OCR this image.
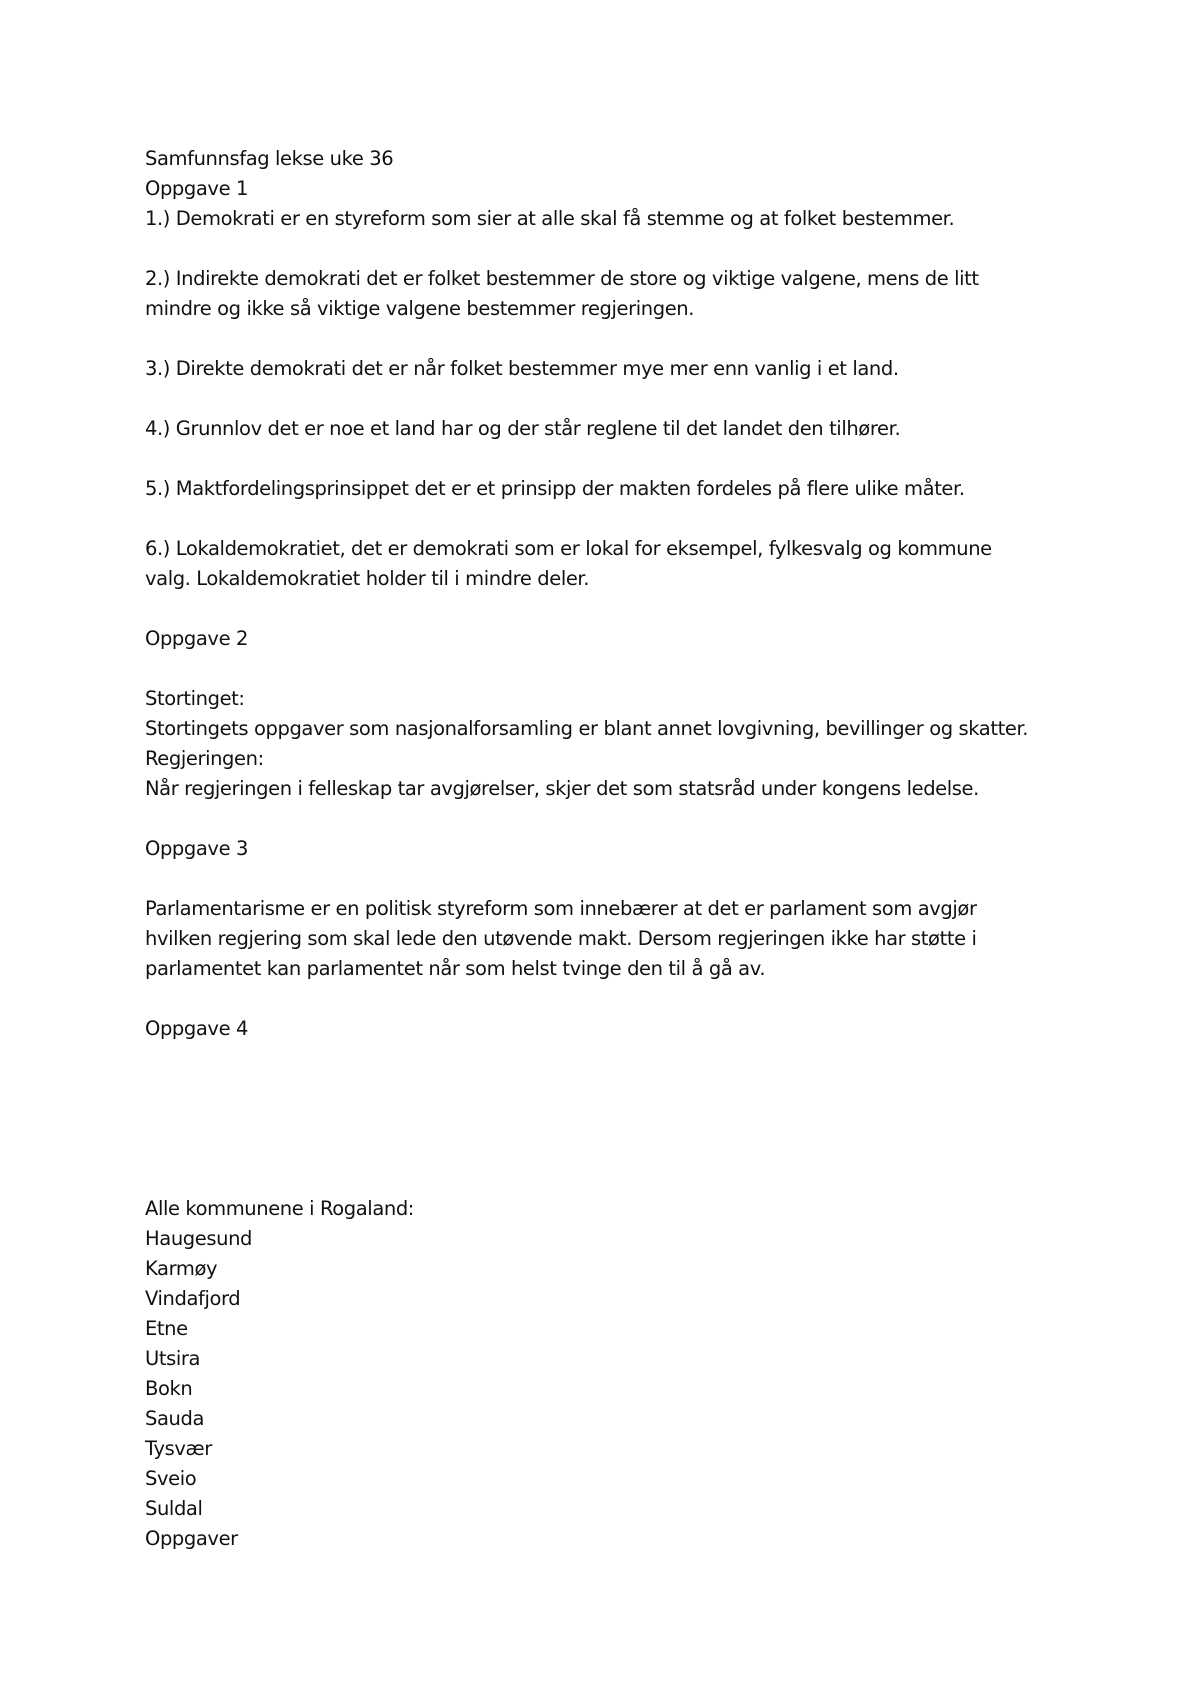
Samfunnsfag lekse uke 36
Oppgave 1
1.) Demokrati er en styreform som sier at alle skal få stemme og at folket bestemmer.
2.) Indirekte demokrati det er folket bestemmer de store og viktige valgene, mens de litt
mindre og ikke så viktige valgene bestemmer regjeringen.
3.) Direkte demokrati det er når folket bestemmer mye mer enn vanlig i et land.
4.) Grunnlov det er noe et land har og der står reglene til det landet den tilhører.
5.) Maktfordelingsprinsippet det er et prinsipp der makten fordeles på flere ulike måter.
6.) Lokaldemokratiet, det er demokrati som er lokal for eksempel, fylkesvalg og kommune
valg. Lokaldemokratiet holder til i mindre deler.
Oppgave 2
Stortinget:
Stortingets oppgaver som nasjonalforsamling er blant annet lovgivning, bevillinger og skatter.
Regjeringen:
Når regjeringen i felleskap tar avgjørelser, skjer det som statsråd under kongens ledelse.
Oppgave 3
Parlamentarisme er en politisk styreform som innebærer at det er parlament som avgjør
hvilken regjering som skal lede den utøvende makt. Dersom regjeringen ikke har støtte i
parlamentet kan parlamentet når som helst tvinge den til å gå av.
Oppgave 4
Alle kommunene i Rogaland:
Haugesund
Karmøy
Vindafjord
Etne
Utsira
Bokn
Sauda
Tysvær
Sveio
Suldal
Oppgaver
